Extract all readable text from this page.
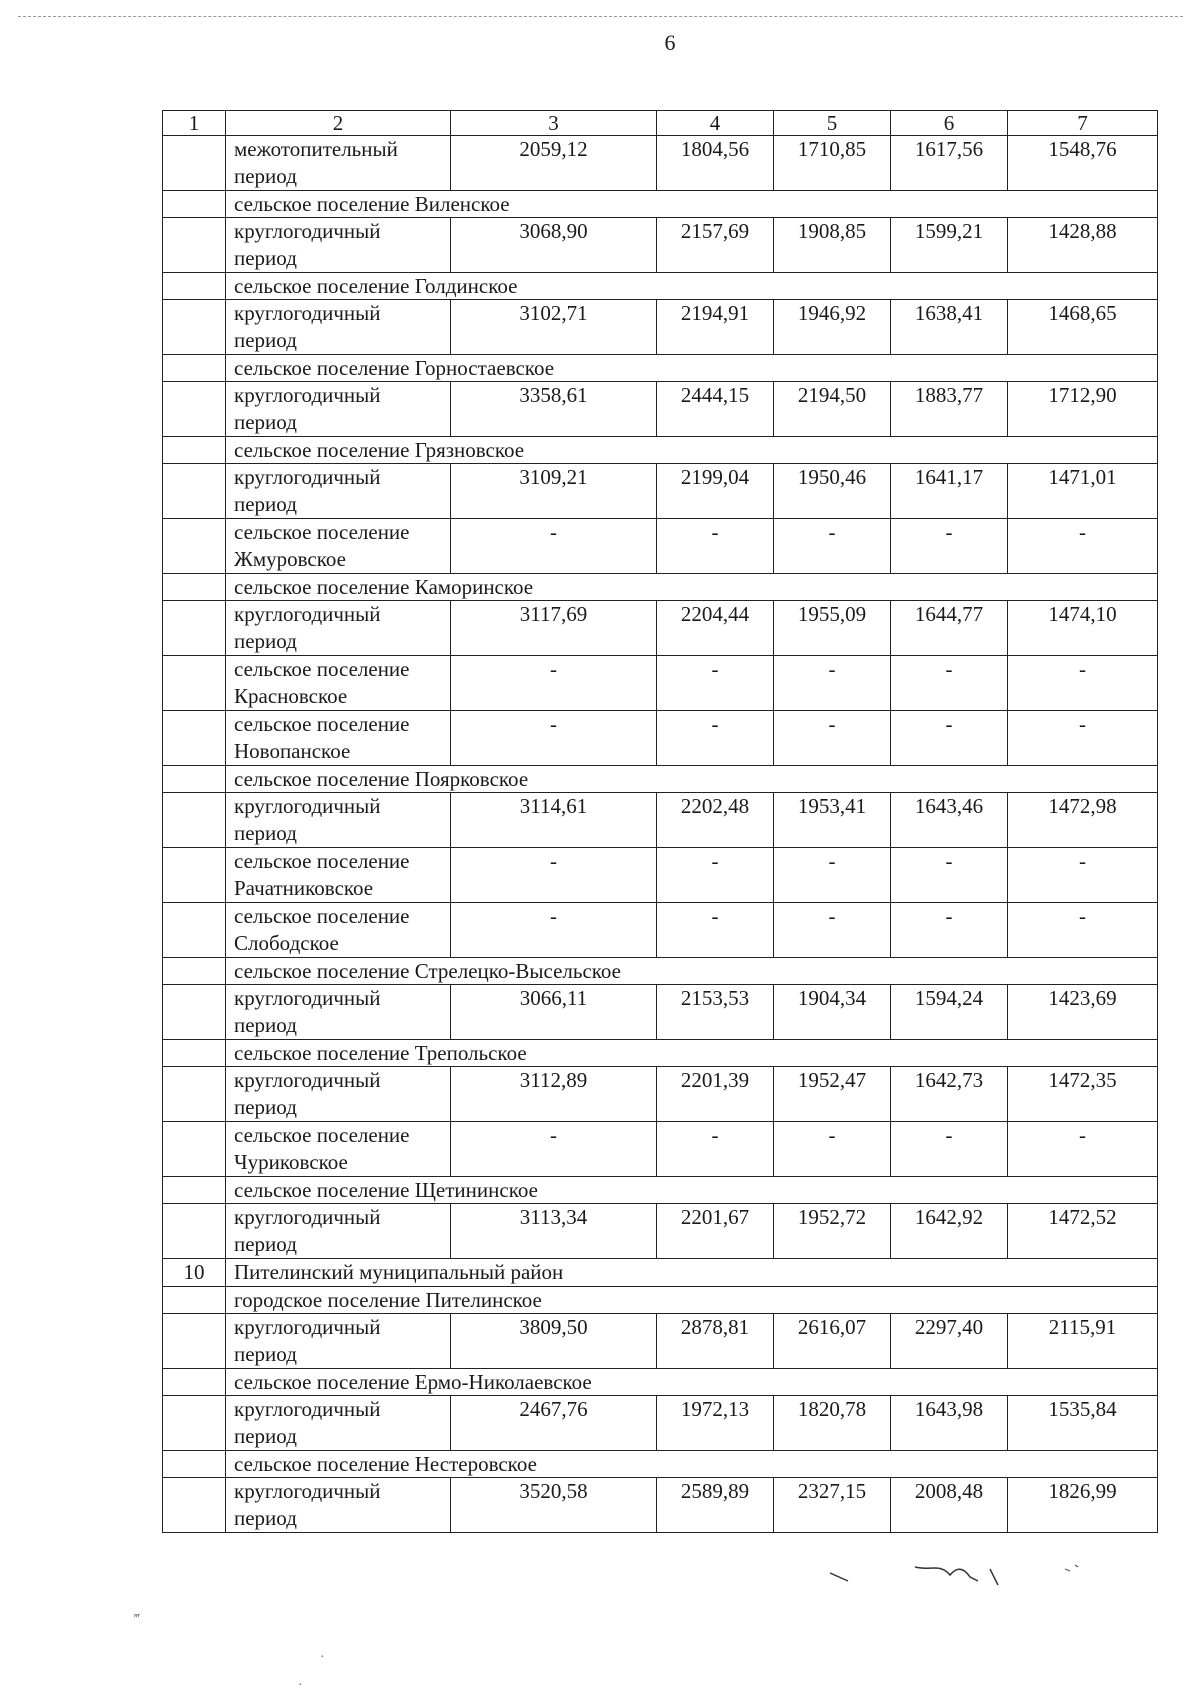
6
1	2	3	4	5	6	7
	межотопительный период	2059,12	1804,56	1710,85	1617,56	1548,76
	сельское поселение Виленское					
	круглогодичный период	3068,90	2157,69	1908,85	1599,21	1428,88
	сельское поселение Голдинское					
	круглогодичный период	3102,71	2194,91	1946,92	1638,41	1468,65
	сельское поселение Горностаевское					
	круглогодичный период	3358,61	2444,15	2194,50	1883,77	1712,90
	сельское поселение Грязновское					
	круглогодичный период	3109,21	2199,04	1950,46	1641,17	1471,01
	сельское поселение Жмуровское	-	-	-	-	-
	сельское поселение Каморинское					
	круглогодичный период	3117,69	2204,44	1955,09	1644,77	1474,10
	сельское поселение Красновское	-	-	-	-	-
	сельское поселение Новопанское	-	-	-	-	-
	сельское поселение Поярковское					
	круглогодичный период	3114,61	2202,48	1953,41	1643,46	1472,98
	сельское поселение Рачатниковское	-	-	-	-	-
	сельское поселение Слободское	-	-	-	-	-
	сельское поселение Стрелецко-Высельское					
	круглогодичный период	3066,11	2153,53	1904,34	1594,24	1423,69
	сельское поселение Трепольское					
	круглогодичный период	3112,89	2201,39	1952,47	1642,73	1472,35
	сельское поселение Чуриковское	-	-	-	-	-
	сельское поселение Щетининское					
	круглогодичный период	3113,34	2201,67	1952,72	1642,92	1472,52
10	Пителинский муниципальный район					
	городское поселение Пителинское					
	круглогодичный период	3809,50	2878,81	2616,07	2297,40	2115,91
	сельское поселение Ермо-Николаевское					
	круглогодичный период	2467,76	1972,13	1820,78	1643,98	1535,84
	сельское поселение Нестеровское					
	круглогодичный период	3520,58	2589,89	2327,15	2008,48	1826,99
‴
·
·
